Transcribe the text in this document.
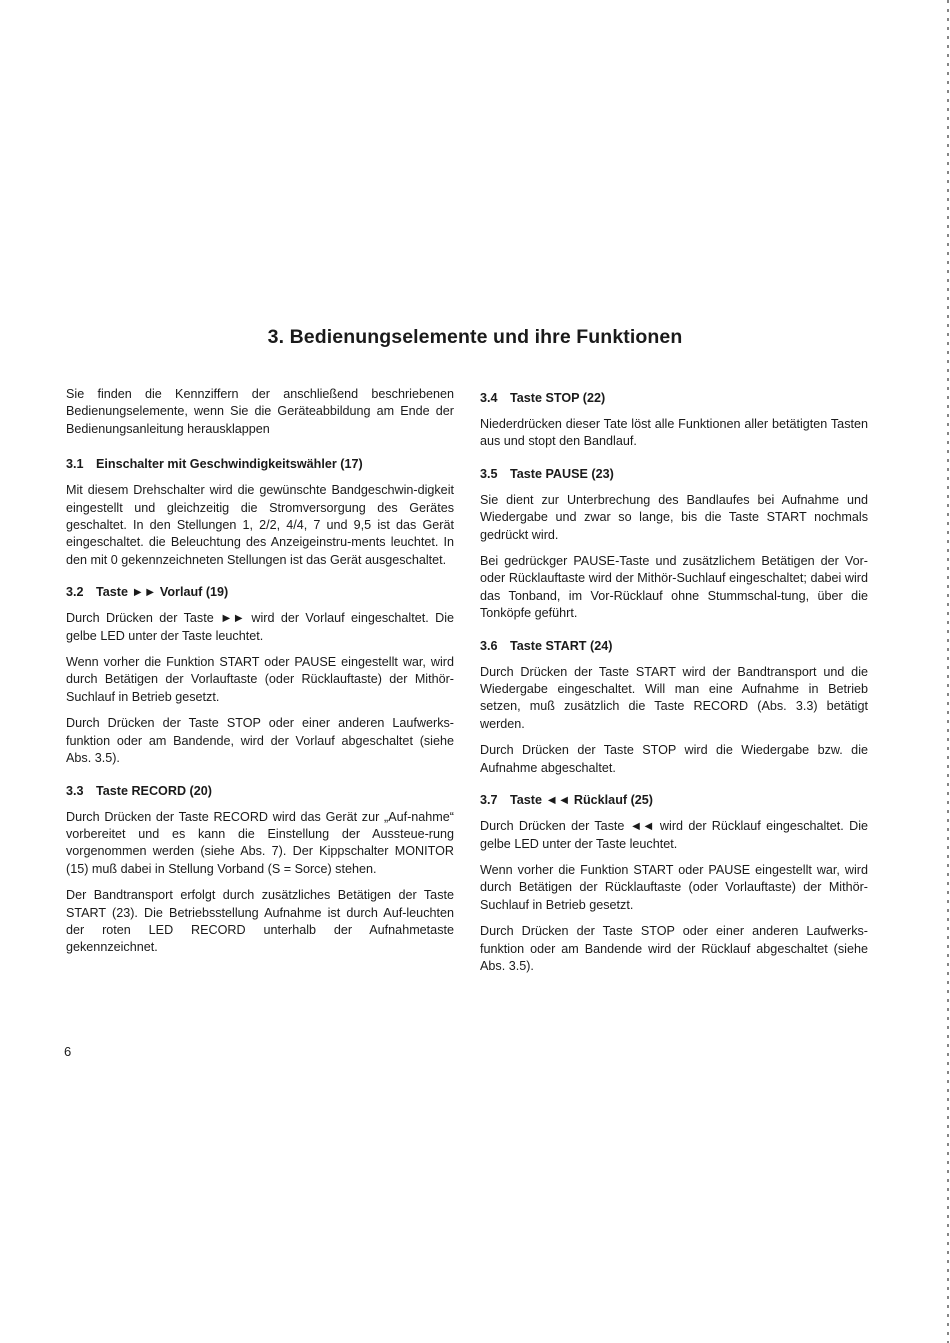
3. Bedienungselemente und ihre Funktionen

Sie finden die Kennziffern der anschließend beschriebenen Bedienungselemente, wenn Sie die Geräteabbildung am Ende der Bedienungsanleitung herausklappen

3.1 Einschalter mit Geschwindigkeitswähler (17)

Mit diesem Drehschalter wird die gewünschte Bandgeschwin-digkeit eingestellt und gleichzeitig die Stromversorgung des Gerätes geschaltet. In den Stellungen 1, 2/2, 4/4, 7 und 9,5 ist das Gerät eingeschaltet. die Beleuchtung des Anzeigeinstru-ments leuchtet. In den mit 0 gekennzeichneten Stellungen ist das Gerät ausgeschaltet.

3.2 Taste ►► Vorlauf (19)

Durch Drücken der Taste ►► wird der Vorlauf eingeschaltet. Die gelbe LED unter der Taste leuchtet.

Wenn vorher die Funktion START oder PAUSE eingestellt war, wird durch Betätigen der Vorlauftaste (oder Rücklauftaste) der Mithör-Suchlauf in Betrieb gesetzt.

Durch Drücken der Taste STOP oder einer anderen Laufwerks-funktion oder am Bandende, wird der Vorlauf abgeschaltet (siehe Abs. 3.5).

3.3 Taste RECORD (20)

Durch Drücken der Taste RECORD wird das Gerät zur „Auf-nahme“ vorbereitet und es kann die Einstellung der Aussteue-rung vorgenommen werden (siehe Abs. 7). Der Kippschalter MONITOR (15) muß dabei in Stellung Vorband (S = Sorce) stehen.

Der Bandtransport erfolgt durch zusätzliches Betätigen der Taste START (23). Die Betriebsstellung Aufnahme ist durch Auf-leuchten der roten LED RECORD unterhalb der Aufnahmetaste gekennzeichnet.

3.4 Taste STOP (22)

Niederdrücken dieser Tate löst alle Funktionen aller betätigten Tasten aus und stopt den Bandlauf.

3.5 Taste PAUSE (23)

Sie dient zur Unterbrechung des Bandlaufes bei Aufnahme und Wiedergabe und zwar so lange, bis die Taste START nochmals gedrückt wird.

Bei gedrückger PAUSE-Taste und zusätzlichem Betätigen der Vor- oder Rücklauftaste wird der Mithör-Suchlauf eingeschaltet; dabei wird das Tonband, im Vor-Rücklauf ohne Stummschal-tung, über die Tonköpfe geführt.

3.6 Taste START (24)

Durch Drücken der Taste START wird der Bandtransport und die Wiedergabe eingeschaltet. Will man eine Aufnahme in Betrieb setzen, muß zusätzlich die Taste RECORD (Abs. 3.3) betätigt werden.

Durch Drücken der Taste STOP wird die Wiedergabe bzw. die Aufnahme abgeschaltet.

3.7 Taste ◄◄ Rücklauf (25)

Durch Drücken der Taste ◄◄ wird der Rücklauf eingeschaltet. Die gelbe LED unter der Taste leuchtet.

Wenn vorher die Funktion START oder PAUSE eingestellt war, wird durch Betätigen der Rücklauftaste (oder Vorlauftaste) der Mithör-Suchlauf in Betrieb gesetzt.

Durch Drücken der Taste STOP oder einer anderen Laufwerks-funktion oder am Bandende wird der Rücklauf abgeschaltet (siehe Abs. 3.5).

6
